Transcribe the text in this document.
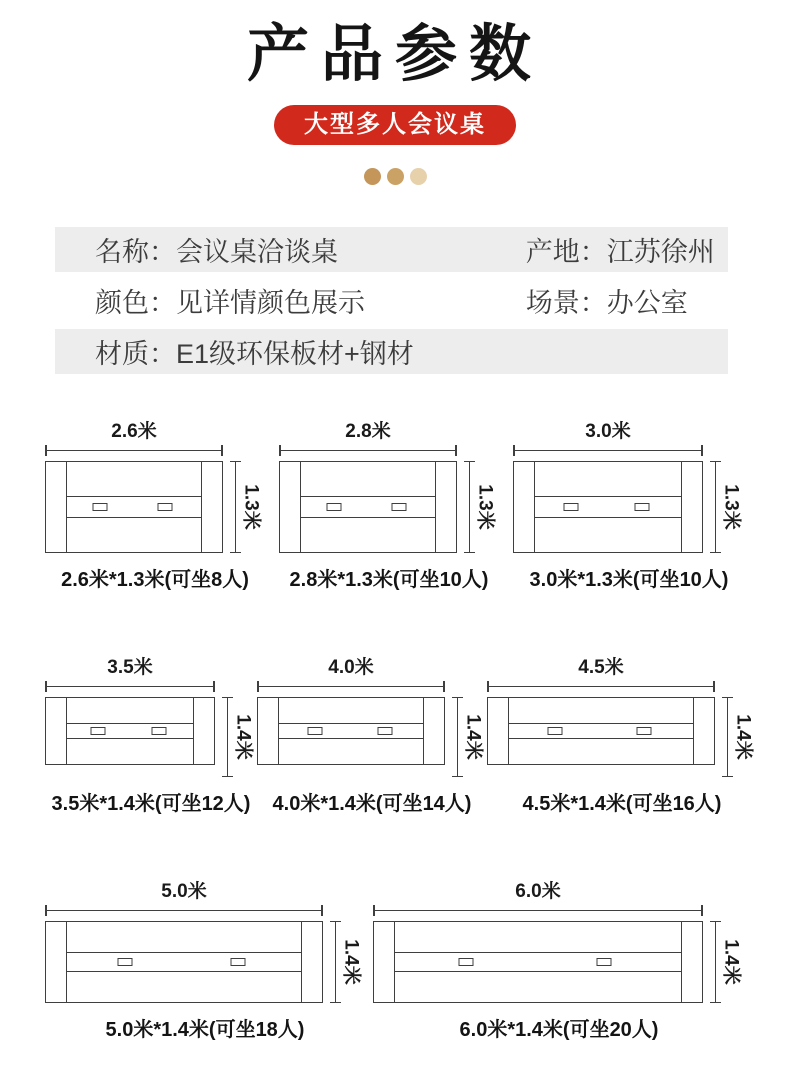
产品参数
大型多人会议桌
名称：会议桌洽谈桌	产地：江苏徐州
颜色：见详情颜色展示	场景：办公室
材质：E1级环保板材+钢材
2.6米
1.3米
2.6米*1.3米(可坐8人)
2.8米
1.3米
2.8米*1.3米(可坐10人)
3.0米
1.3米
3.0米*1.3米(可坐10人)
3.5米
1.4米
3.5米*1.4米(可坐12人)
4.0米
1.4米
4.0米*1.4米(可坐14人)
4.5米
1.4米
4.5米*1.4米(可坐16人)
5.0米
1.4米
5.0米*1.4米(可坐18人)
6.0米
1.4米
6.0米*1.4米(可坐20人)
